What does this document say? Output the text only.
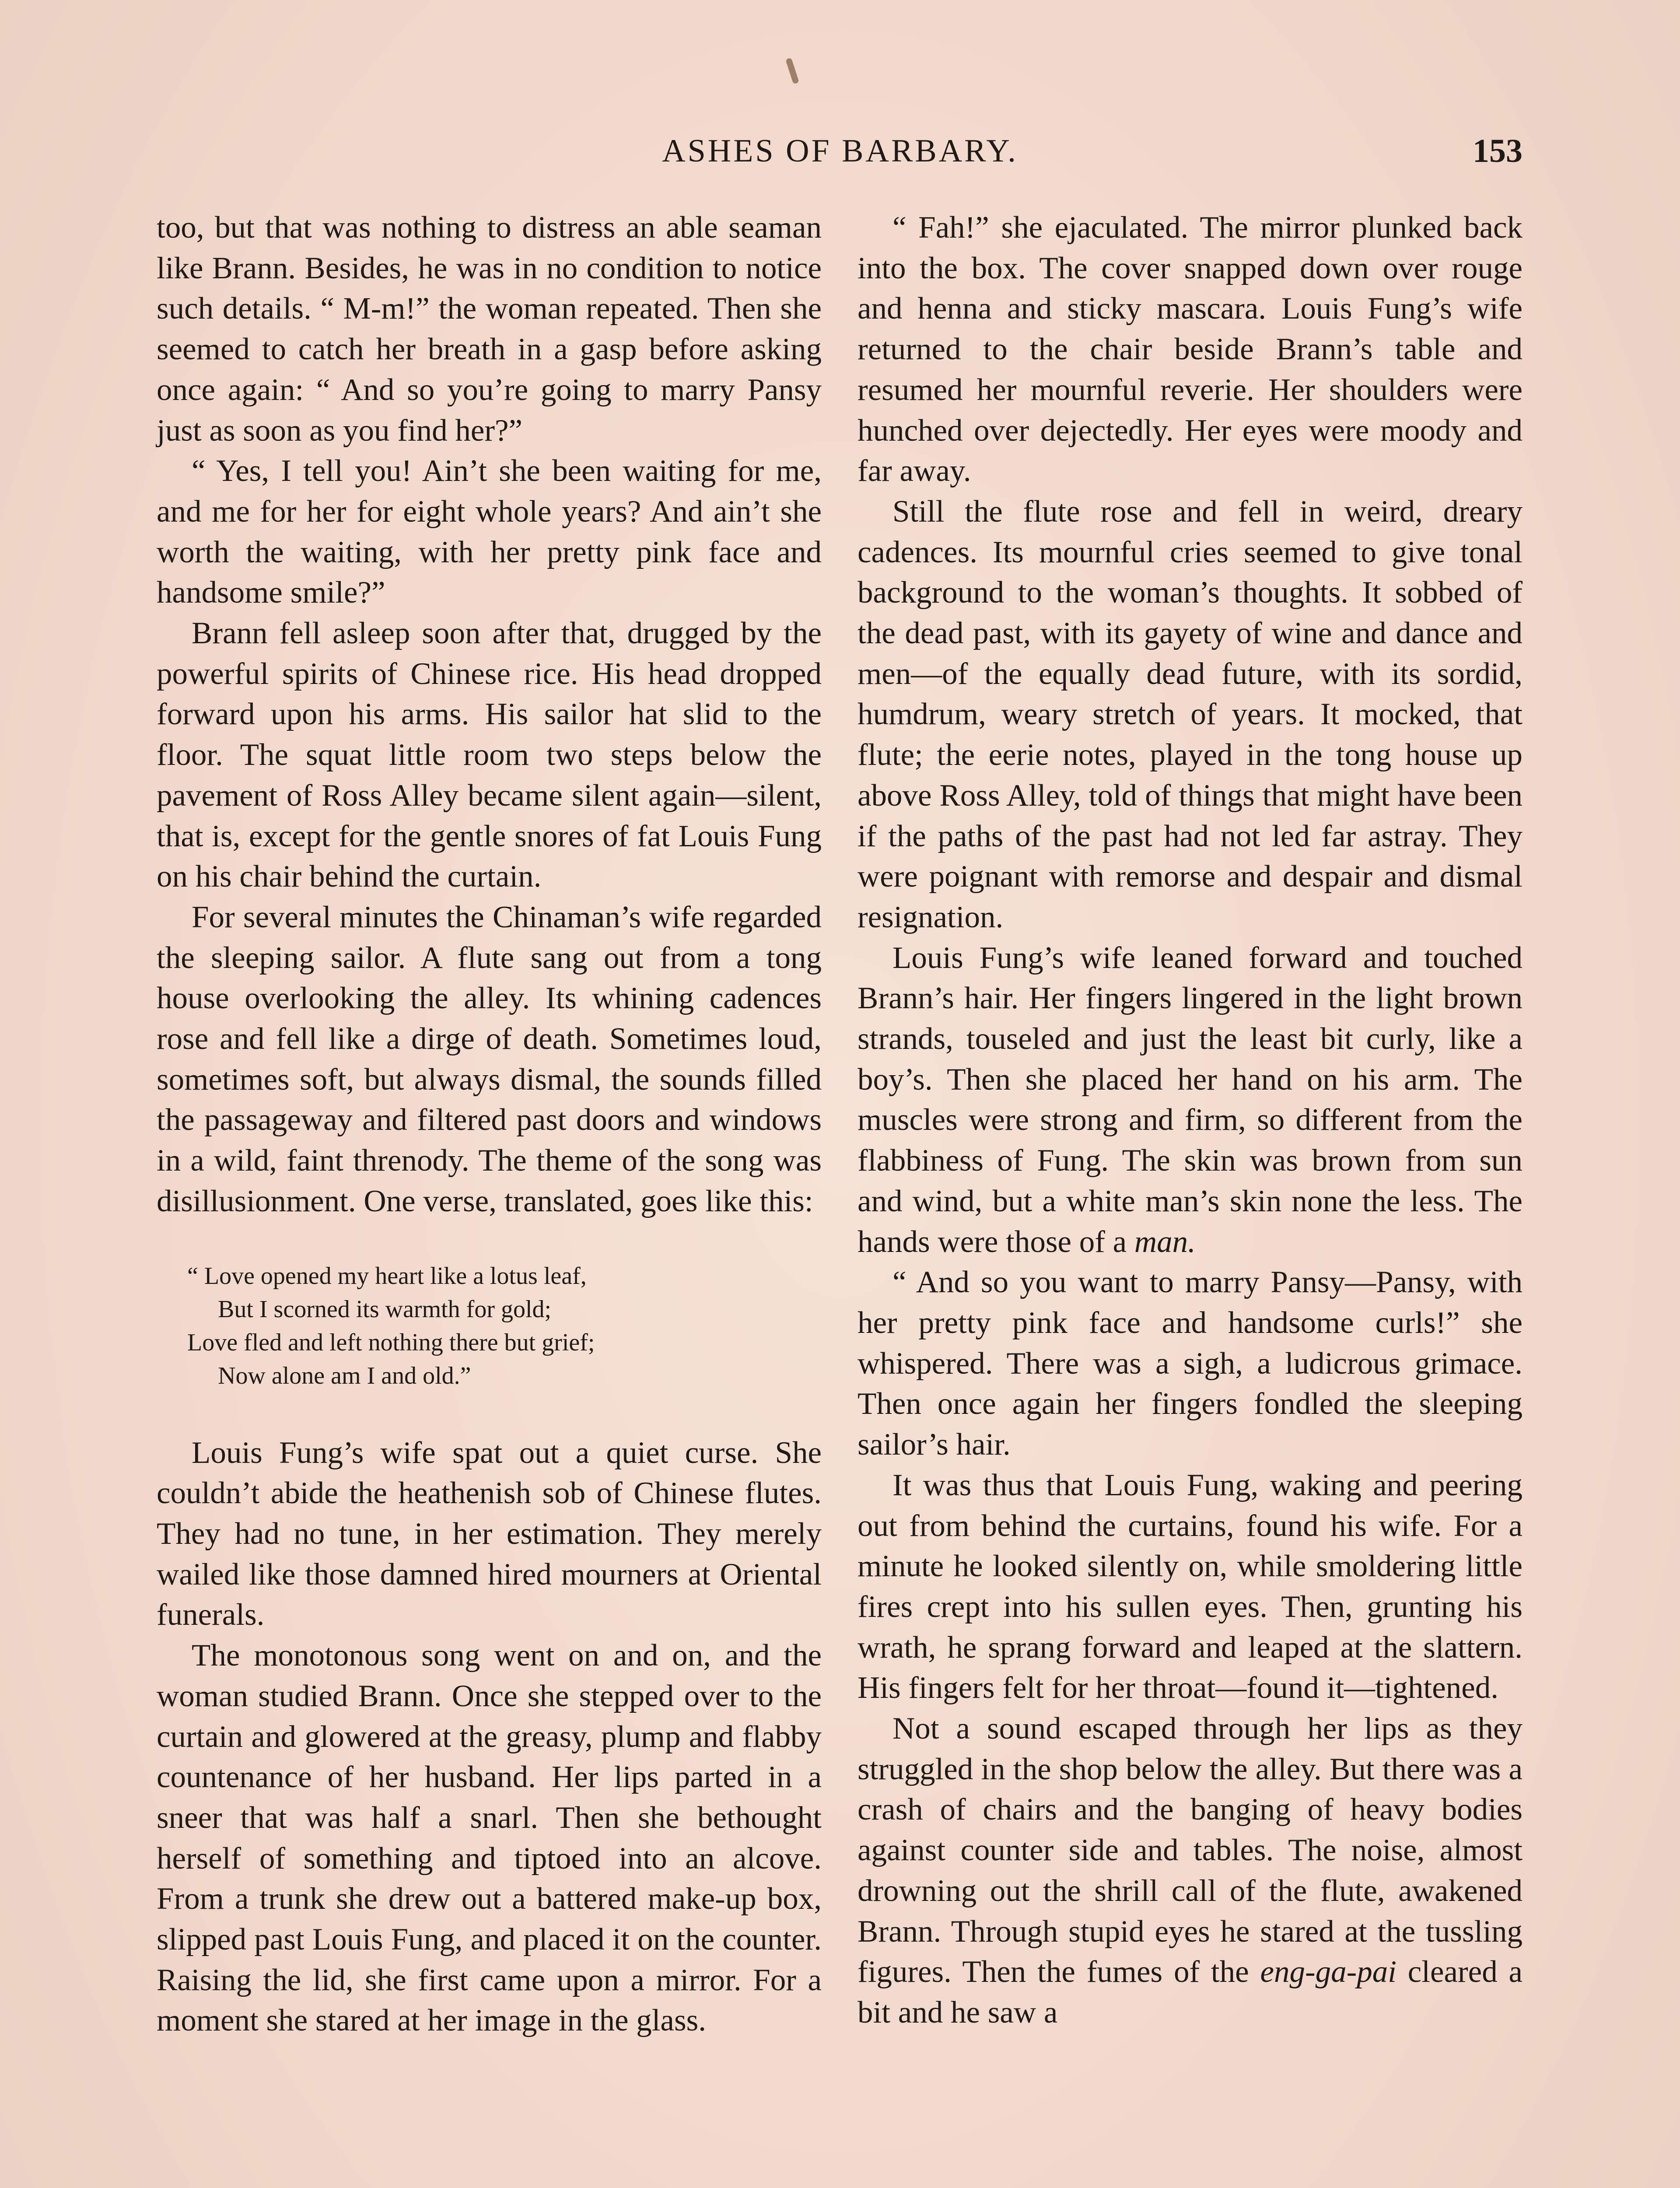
ASHES OF BARBARY.	153

too, but that was nothing to distress an able seaman like Brann. Besides, he was in no condition to notice such details. “ M-m!” the woman repeated. Then she seemed to catch her breath in a gasp before asking once again: “ And so you’re going to marry Pansy just as soon as you find her?”

“ Yes, I tell you! Ain’t she been waiting for me, and me for her for eight whole years? And ain’t she worth the waiting, with her pretty pink face and handsome smile?”

Brann fell asleep soon after that, drugged by the powerful spirits of Chinese rice. His head dropped forward upon his arms. His sailor hat slid to the floor. The squat little room two steps below the pavement of Ross Alley became silent again—silent, that is, except for the gentle snores of fat Louis Fung on his chair behind the curtain.

For several minutes the Chinaman’s wife regarded the sleeping sailor. A flute sang out from a tong house overlooking the alley. Its whining cadences rose and fell like a dirge of death. Sometimes loud, sometimes soft, but always dismal, the sounds filled the passageway and filtered past doors and windows in a wild, faint threnody. The theme of the song was disillusionment. One verse, translated, goes like this:

“ Love opened my heart like a lotus leaf,
But I scorned its warmth for gold;
Love fled and left nothing there but grief;
Now alone am I and old.”

Louis Fung’s wife spat out a quiet curse. She couldn’t abide the heathenish sob of Chinese flutes. They had no tune, in her estimation. They merely wailed like those damned hired mourners at Oriental funerals.

The monotonous song went on and on, and the woman studied Brann. Once she stepped over to the curtain and glowered at the greasy, plump and flabby countenance of her husband. Her lips parted in a sneer that was half a snarl. Then she bethought herself of something and tiptoed into an alcove. From a trunk she drew out a battered make-up box, slipped past Louis Fung, and placed it on the counter. Raising the lid, she first came upon a mirror. For a moment she stared at her image in the glass.

“ Fah!” she ejaculated. The mirror plunked back into the box. The cover snapped down over rouge and henna and sticky mascara. Louis Fung’s wife returned to the chair beside Brann’s table and resumed her mournful reverie. Her shoulders were hunched over dejectedly. Her eyes were moody and far away.

Still the flute rose and fell in weird, dreary cadences. Its mournful cries seemed to give tonal background to the woman’s thoughts. It sobbed of the dead past, with its gayety of wine and dance and men—of the equally dead future, with its sordid, humdrum, weary stretch of years. It mocked, that flute; the eerie notes, played in the tong house up above Ross Alley, told of things that might have been if the paths of the past had not led far astray. They were poignant with remorse and despair and dismal resignation.

Louis Fung’s wife leaned forward and touched Brann’s hair. Her fingers lingered in the light brown strands, touseled and just the least bit curly, like a boy’s. Then she placed her hand on his arm. The muscles were strong and firm, so different from the flabbiness of Fung. The skin was brown from sun and wind, but a white man’s skin none the less. The hands were those of a man.

“ And so you want to marry Pansy—Pansy, with her pretty pink face and handsome curls!” she whispered. There was a sigh, a ludicrous grimace. Then once again her fingers fondled the sleeping sailor’s hair.

It was thus that Louis Fung, waking and peering out from behind the curtains, found his wife. For a minute he looked silently on, while smoldering little fires crept into his sullen eyes. Then, grunting his wrath, he sprang forward and leaped at the slattern. His fingers felt for her throat—found it—tightened.

Not a sound escaped through her lips as they struggled in the shop below the alley. But there was a crash of chairs and the banging of heavy bodies against counter side and tables. The noise, almost drowning out the shrill call of the flute, awakened Brann. Through stupid eyes he stared at the tussling figures. Then the fumes of the eng-ga-pai cleared a bit and he saw a
